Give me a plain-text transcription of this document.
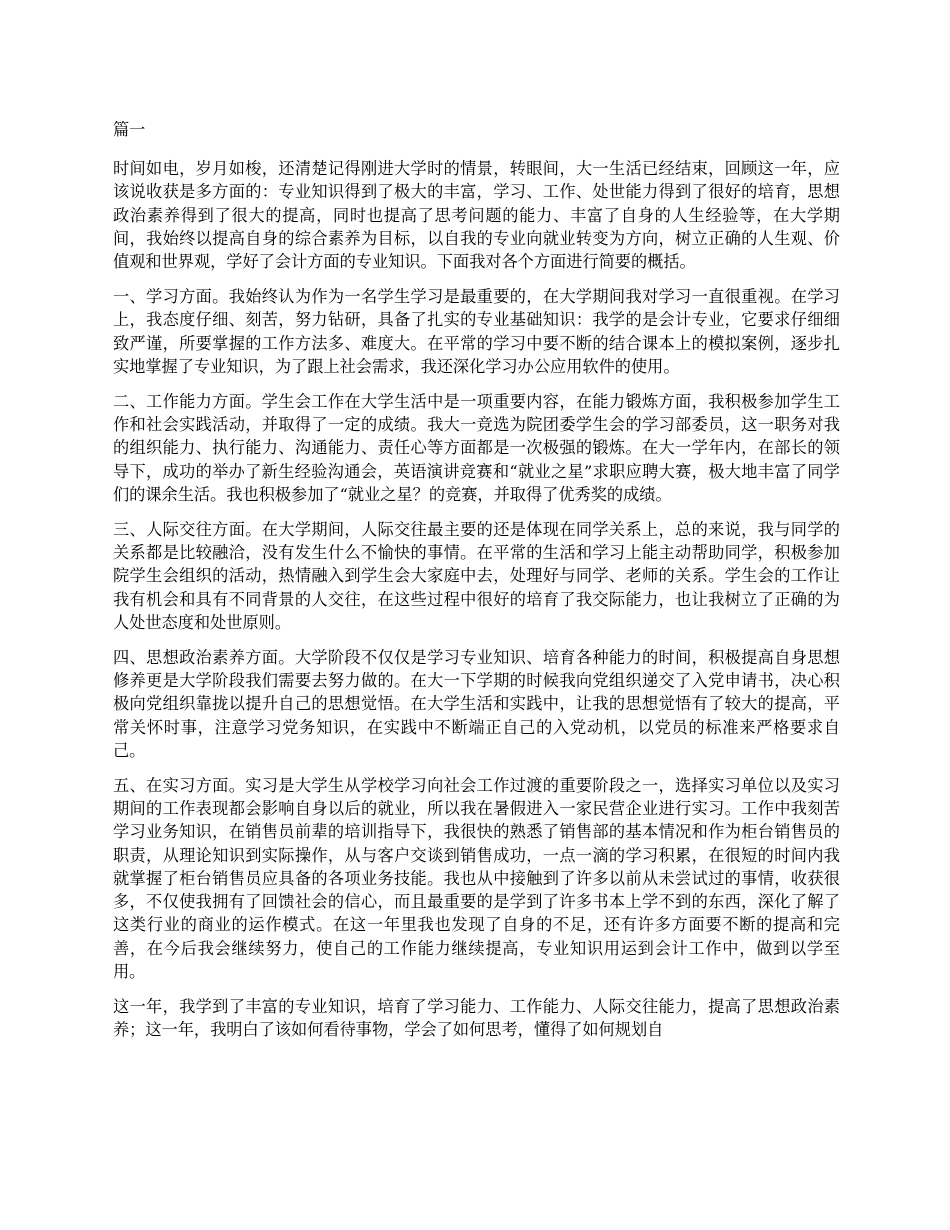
篇一

时间如电，岁月如梭，还清楚记得刚进大学时的情景，转眼间，大一生活已经结束，回顾这一年，应该说收获是多方面的：专业知识得到了极大的丰富，学习、工作、处世能力得到了很好的培育，思想政治素养得到了很大的提高，同时也提高了思考问题的能力、丰富了自身的人生经验等，在大学期间，我始终以提高自身的综合素养为目标，以自我的专业向就业转变为方向，树立正确的人生观、价值观和世界观，学好了会计方面的专业知识。下面我对各个方面进行简要的概括。

一、学习方面。我始终认为作为一名学生学习是最重要的，在大学期间我对学习一直很重视。在学习上，我态度仔细、刻苦，努力钻研，具备了扎实的专业基础知识：我学的是会计专业，它要求仔细细致严谨，所要掌握的工作方法多、难度大。在平常的学习中要不断的结合课本上的模拟案例，逐步扎实地掌握了专业知识，为了跟上社会需求，我还深化学习办公应用软件的使用。

二、工作能力方面。学生会工作在大学生活中是一项重要内容，在能力锻炼方面，我积极参加学生工作和社会实践活动，并取得了一定的成绩。我大一竞选为院团委学生会的学习部委员，这一职务对我的组织能力、执行能力、沟通能力、责任心等方面都是一次极强的锻炼。在大一学年内，在部长的领导下，成功的举办了新生经验沟通会，英语演讲竞赛和“就业之星”求职应聘大赛，极大地丰富了同学们的课余生活。我也积极参加了“就业之星？的竞赛，并取得了优秀奖的成绩。

三、人际交往方面。在大学期间，人际交往最主要的还是体现在同学关系上，总的来说，我与同学的关系都是比较融洽，没有发生什么不愉快的事情。在平常的生活和学习上能主动帮助同学，积极参加院学生会组织的活动，热情融入到学生会大家庭中去，处理好与同学、老师的关系。学生会的工作让我有机会和具有不同背景的人交往，在这些过程中很好的培育了我交际能力，也让我树立了正确的为人处世态度和处世原则。

四、思想政治素养方面。大学阶段不仅仅是学习专业知识、培育各种能力的时间，积极提高自身思想修养更是大学阶段我们需要去努力做的。在大一下学期的时候我向党组织递交了入党申请书，决心积极向党组织靠拢以提升自己的思想觉悟。在大学生活和实践中，让我的思想觉悟有了较大的提高，平常关怀时事，注意学习党务知识，在实践中不断端正自己的入党动机，以党员的标准来严格要求自己。

五、在实习方面。实习是大学生从学校学习向社会工作过渡的重要阶段之一，选择实习单位以及实习期间的工作表现都会影响自身以后的就业，所以我在暑假进入一家民营企业进行实习。工作中我刻苦学习业务知识，在销售员前辈的培训指导下，我很快的熟悉了销售部的基本情况和作为柜台销售员的职责，从理论知识到实际操作，从与客户交谈到销售成功，一点一滴的学习积累，在很短的时间内我就掌握了柜台销售员应具备的各项业务技能。我也从中接触到了许多以前从未尝试过的事情，收获很多，不仅使我拥有了回馈社会的信心，而且最重要的是学到了许多书本上学不到的东西，深化了解了这类行业的商业的运作模式。在这一年里我也发现了自身的不足，还有许多方面要不断的提高和完善，在今后我会继续努力，使自己的工作能力继续提高，专业知识用运到会计工作中，做到以学至用。

这一年，我学到了丰富的专业知识，培育了学习能力、工作能力、人际交往能力，提高了思想政治素养；这一年，我明白了该如何看待事物，学会了如何思考，懂得了如何规划自
